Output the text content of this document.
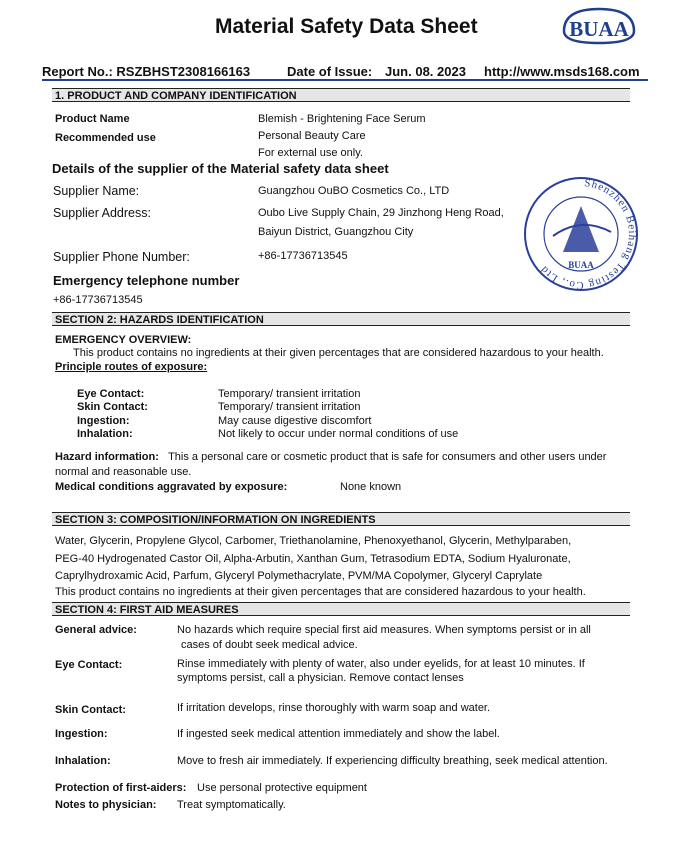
Material Safety Data Sheet	BUAA
Report No.: RSZBHST2308166163	Date of Issue: Jun. 08. 2023 http://www.msds168.com
1. PRODUCT AND COMPANY IDENTIFICATION
Product Name	Blemish - Brightening Face Serum
Recommended use	Personal Beauty Care
For external use only.
Details of the supplier of the Material safety data sheet
Supplier Name:	Guangzhou OuBO Cosmetics Co., LTD
Supplier Address:	Oubo Live Supply Chain, 29 Jinzhong Heng Road,
Baiyun District, Guangzhou City
Supplier Phone Number:	+86-17736713545
Emergency telephone number
+86-17736713545
Shenzhen Beihang Testing Co., Ltd	BUAA
SECTION 2: HAZARDS IDENTIFICATION
EMERGENCY OVERVIEW:
This product contains no ingredients at their given percentages that are considered hazardous to your health.
Principle routes of exposure:
Eye Contact:	Temporary/ transient irritation
Skin Contact:	Temporary/ transient irritation
Ingestion:	May cause digestive discomfort
Inhalation:	Not likely to occur under normal conditions of use
Hazard information: This a personal care or cosmetic product that is safe for consumers and other users under normal and reasonable use.
Medical conditions aggravated by exposure:	None known
SECTION 3: COMPOSITION/INFORMATION ON INGREDIENTS
Water, Glycerin, Propylene Glycol, Carbomer, Triethanolamine, Phenoxyethanol, Glycerin, Methylparaben,
PEG-40 Hydrogenated Castor Oil, Alpha-Arbutin, Xanthan Gum, Tetrasodium EDTA, Sodium Hyaluronate,
Caprylhydroxamic Acid, Parfum, Glyceryl Polymethacrylate, PVM/MA Copolymer, Glyceryl Caprylate
This product contains no ingredients at their given percentages that are considered hazardous to your health.
SECTION 4: FIRST AID MEASURES
General advice:	No hazards which require special first aid measures. When symptoms persist or in all
cases of doubt seek medical advice.
Eye Contact:	Rinse immediately with plenty of water, also under eyelids, for at least 10 minutes. If
symptoms persist, call a physician. Remove contact lenses
Skin Contact:	If irritation develops, rinse thoroughly with warm soap and water.
Ingestion:	If ingested seek medical attention immediately and show the label.
Inhalation:	Move to fresh air immediately. If experiencing difficulty breathing, seek medical attention.
Protection of first-aiders: Use personal protective equipment
Notes to physician: Treat symptomatically.
